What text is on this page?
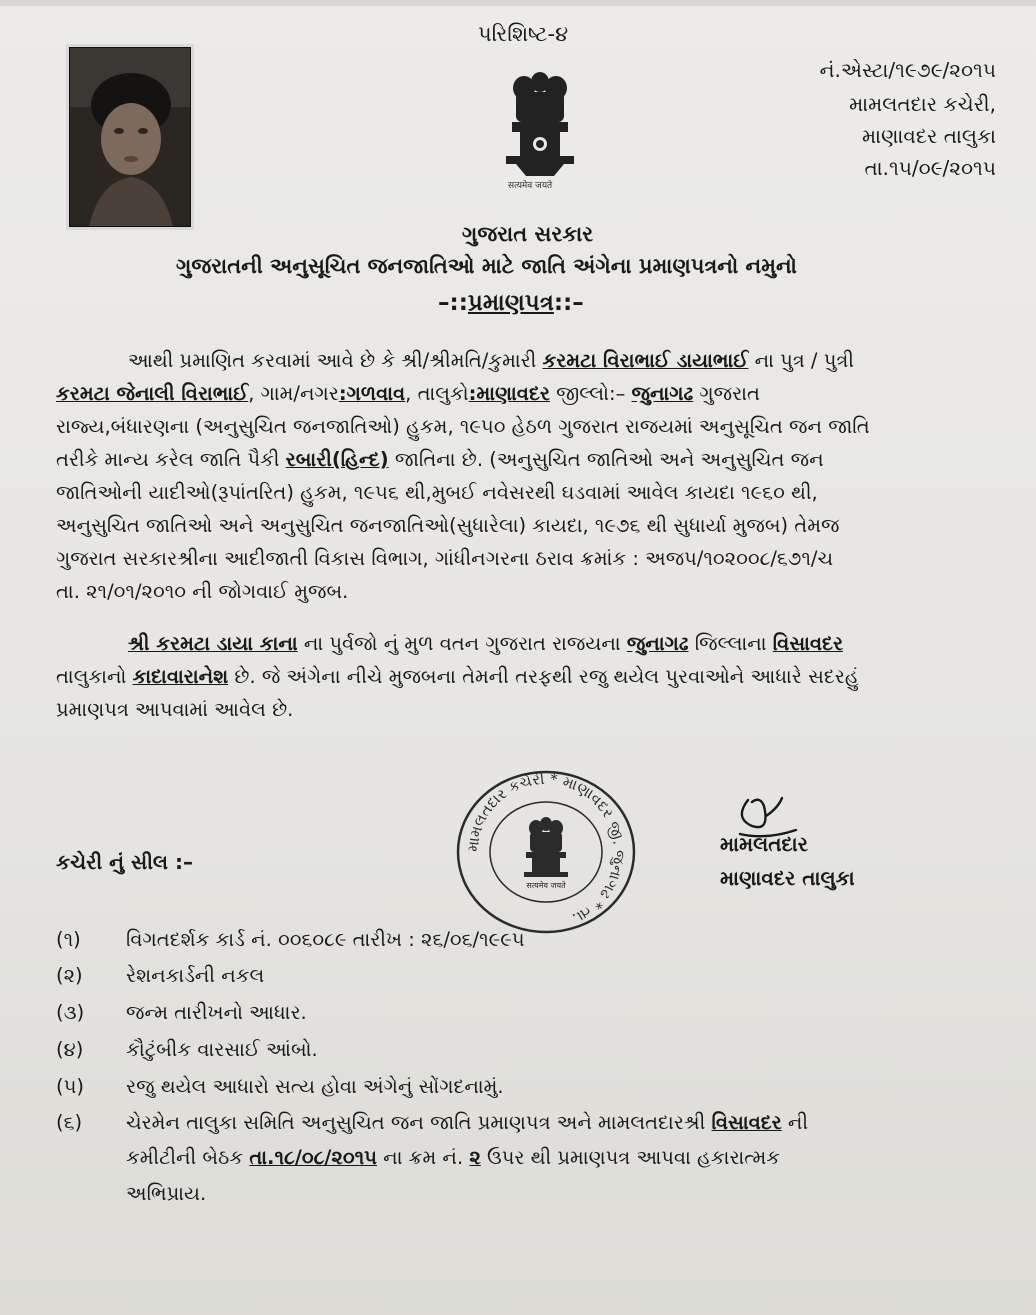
પરિશિષ્ટ-૪
सत्यमेव जयते
નં.એસ્ટા/૧૯૭૯/૨૦૧૫
મામલતદાર કચેરી,
માણાવદર તાલુકા
તા.૧૫/૦૯/૨૦૧૫
ગુજરાત સરકાર
ગુજરાતની અનુસૂચિત જનજાતિઓ માટે જાતિ અંગેના પ્રમાણપત્રનો નમુનો
–::પ્રમાણપત્ર::–
આથી પ્રમાણિત કરવામાં આવે છે કે શ્રી/શ્રીમતિ/કુમારી કરમટા વિરાભાઈ ડાયાભાઈ ના પુત્ર / પુત્રી
કરમટા જેનાલી વિરાભાઈ, ગામ/નગર:ગળવાવ, તાલુકો:માણાવદર જીલ્લો:– જુનાગઢ ગુજરાત
રાજ્ય,બંધારણના (અનુસુચિત જનજાતિઓ) હુકમ, ૧૯૫૦ હેઠળ ગુજરાત રાજયમાં અનુસૂચિત જન જાતિ
તરીકે માન્ય કરેલ જાતિ પૈકી રબારી(હિન્દ) જાતિના છે. (અનુસુચિત જાતિઓ અને અનુસુચિત જન
જાતિઓની યાદીઓ(રૂપાંતરિત) હુકમ, ૧૯૫૬ થી,મુબઈ નવેસરથી ઘડવામાં આવેલ કાયદા ૧૯૬૦ થી,
અનુસુચિત જાતિઓ અને અનુસુચિત જનજાતિઓ(સુધારેલા) કાયદા, ૧૯૭૬ થી સુધાર્યા મુજબ) તેમજ
ગુજરાત સરકારશ્રીના આદીજાતી વિકાસ વિભાગ, ગાંધીનગરના ઠરાવ ક્રમાંક : અજપ/૧૦૨૦૦૮/૬૭૧/ચ
તા. ૨૧/૦૧/૨૦૧૦ ની જોગવાઈ મુજબ.
શ્રી કરમટા ડાયા કાના ના પુર્વજો નું મુળ વતન ગુજરાત રાજયના જુનાગઢ જિલ્લાના વિસાવદર
તાલુકાનો કાદાવારાનેશ છે. જે અંગેના નીચે મુજબના તેમની તરફથી રજુ થયેલ પુરવાઓને આધારે સદરહું
પ્રમાણપત્ર આપવામાં આવેલ છે.
મામલતદાર કચેરી * માણાવદર જી. જુનાગઢ * તા.
सत्यमेव जयते
મામલતદાર
માણાવદર તાલુકા
કચેરી નું સીલ :–
(૧) વિગતદર્શક કાર્ડ નં. ૦૦૬૦૮૯ તારીખ : ૨૬/૦૬/૧૯૯૫
(૨) રેશનકાર્ડની નકલ
(૩) જન્મ તારીખનો આધાર.
(૪) કૌટુંબીક વારસાઈ આંબો.
(૫) રજુ થયેલ આધારો સત્ય હોવા અંગેનું સોંગદનામું.
(૬) ચેરમેન તાલુકા સમિતિ અનુસુચિત જન જાતિ પ્રમાણપત્ર અને મામલતદારશ્રી વિસાવદર ની
કમીટીની બેઠક તા.૧૮/૦૮/૨૦૧૫ ના ક્રમ નં. ૨ ઉપર થી પ્રમાણપત્ર આપવા હકારાત્મક
અભિપ્રાય.
